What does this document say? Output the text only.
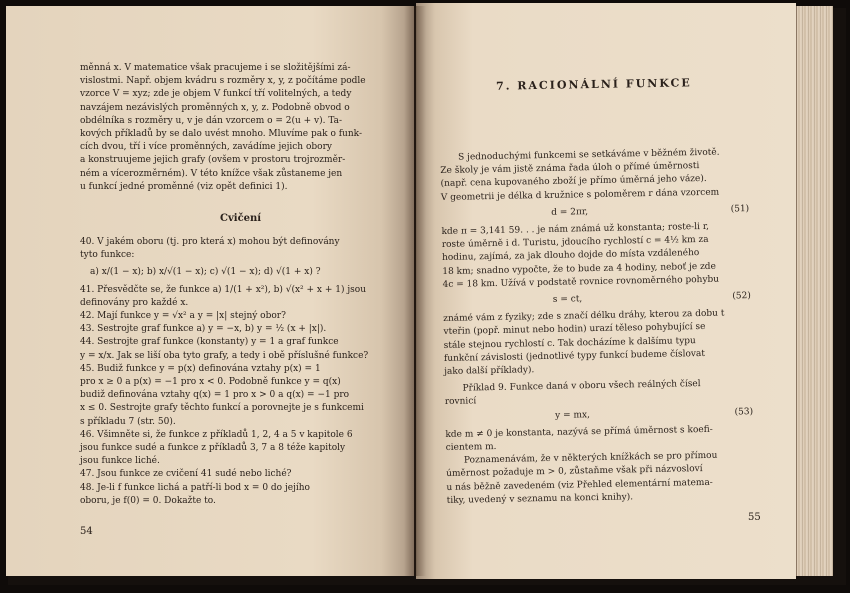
měnná x. V matematice však pracujeme i se složitějšími zá-

vislostmi. Např. objem kvádru s rozměry x, y, z počítáme podle

vzorce V = xyz; zde je objem V funkcí tří volitelných, a tedy

navzájem nezávislých proměnných x, y, z. Podobně obvod o

obdélníka s rozměry u, v je dán vzorcem o = 2(u + v). Ta-

kových příkladů by se dalo uvést mnoho. Mluvíme pak o funk-

cích dvou, tří i více proměnných, zavádíme jejich obory

a konstruujeme jejich grafy (ovšem v prostoru trojrozměr-

ném a vícerozměrném). V této knížce však zůstaneme jen

u funkcí jedné proměnné (viz opět definici 1).

Cvičení

40. V jakém oboru (tj. pro která x) mohou být definovány

tyto funkce:

a) x/(1 − x); b) x/√(1 − x); c) √(1 − x); d) √(1 + x) ?

41. Přesvědčte se, že funkce a) 1/(1 + x²), b) √(x² + x + 1) jsou

definovány pro každé x.

42. Mají funkce y = √x² a y = |x| stejný obor?

43. Sestrojte graf funkce a) y = −x, b) y = ½ (x + |x|).

44. Sestrojte graf funkce (konstanty) y = 1 a graf funkce

y = x/x. Jak se liší oba tyto grafy, a tedy i obě příslušné funkce?

45. Budiž funkce y = p(x) definována vztahy p(x) = 1

pro x ≥ 0 a p(x) = −1 pro x < 0. Podobně funkce y = q(x)

budiž definována vztahy q(x) = 1 pro x > 0 a q(x) = −1 pro

x ≤ 0. Sestrojte grafy těchto funkcí a porovnejte je s funkcemi

s příkladu 7 (str. 50).

46. Všimněte si, že funkce z příkladů 1, 2, 4 a 5 v kapitole 6

jsou funkce sudé a funkce z příkladů 3, 7 a 8 téže kapitoly

jsou funkce liché.

47. Jsou funkce ze cvičení 41 sudé nebo liché?

48. Je-li f funkce lichá a patří-li bod x = 0 do jejího

oboru, je f(0) = 0. Dokažte to.

54
7. RACIONÁLNÍ FUNKCE

S jednoduchými funkcemi se setkáváme v běžném životě.

Ze školy je vám jistě známa řada úloh o přímé úměrnosti

(např. cena kupovaného zboží je přímo úměrná jeho váze).

V geometrii je délka d kružnice s poloměrem r dána vzorcem

d = 2πr,	(51)

kde π = 3,141 59. . . je nám známá už konstanta; roste-li r,

roste úměrně i d. Turistu, jdoucího rychlostí c = 4½ km za

hodinu, zajímá, za jak dlouho dojde do místa vzdáleného

18 km; snadno vypočte, že to bude za 4 hodiny, neboť je zde

4c = 18 km. Užívá v podstatě rovnice rovnoměrného pohybu

s = ct,	(52)

známé vám z fyziky; zde s značí délku dráhy, kterou za dobu t

vteřin (popř. minut nebo hodin) urazí těleso pohybující se

stále stejnou rychlostí c. Tak docházíme k dalšímu typu

funkční závislosti (jednotlivé typy funkcí budeme číslovat

jako další příklady).

Příklad 9. Funkce daná v oboru všech reálných čísel

rovnicí

y = mx,	(53)

kde m ≠ 0 je konstanta, nazývá se přímá úměrnost s koefi-

cientem m.

Poznamenávám, že v některých knížkách se pro přímou

úměrnost požaduje m > 0, zůstaňme však při názvosloví

u nás běžně zavedeném (viz Přehled elementární matema-

tiky, uvedený v seznamu na konci knihy).

55
